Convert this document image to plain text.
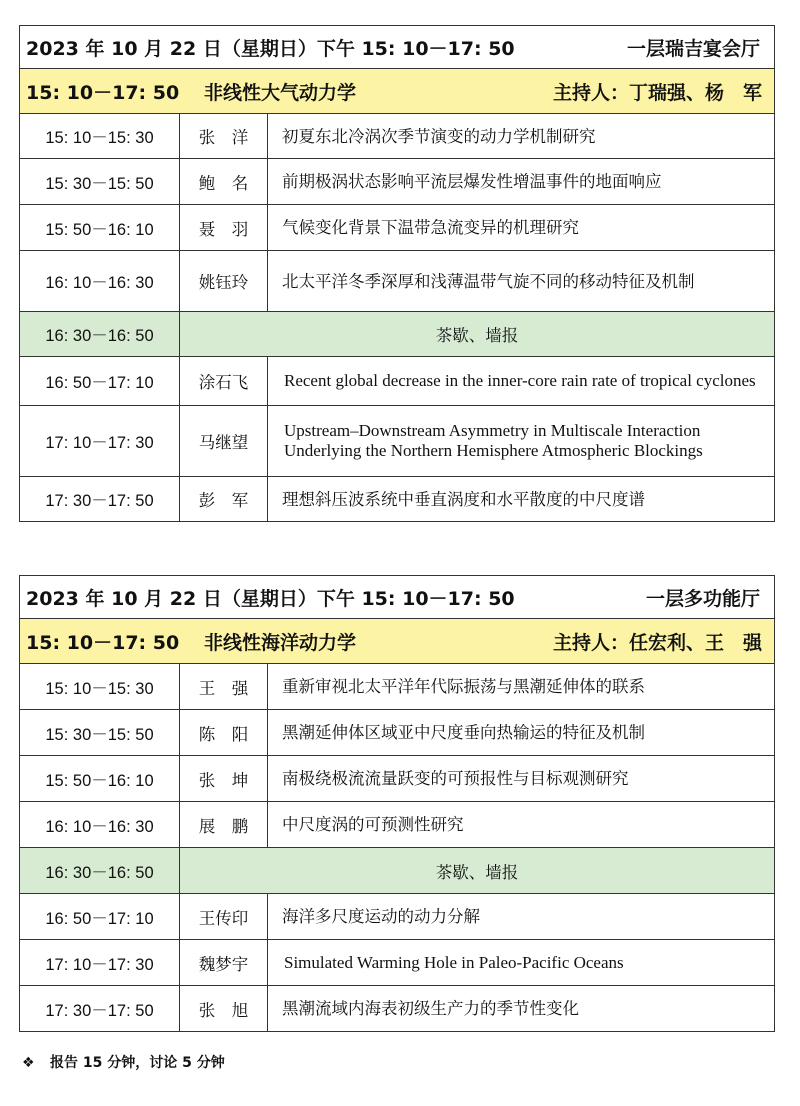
2023 年 10 月 22 日（星期日）下午 15: 10－17: 50 一层瑞吉宴会厅		

15: 10－17: 50 非线性大气动力学 主持人：丁瑞强、杨　军		

15: 10－15: 30	张　洋	初夏东北冷涡次季节演变的动力学机制研究
15: 30－15: 50	鲍　名	前期极涡状态影响平流层爆发性增温事件的地面响应
15: 50－16: 10	聂　羽	气候变化背景下温带急流变异的机理研究
16: 10－16: 30	姚钰玲	北太平洋冬季深厚和浅薄温带气旋不同的移动特征及机制
16: 30－16: 50	茶歇、墙报	
16: 50－17: 10	涂石飞	Recent global decrease in the inner-core rain rate of tropical cyclones
17: 10－17: 30	马继望	Upstream–Downstream Asymmetry in Multiscale Interaction Underlying the Northern Hemisphere Atmospheric Blockings
17: 30－17: 50	彭　军	理想斜压波系统中垂直涡度和水平散度的中尺度谱
2023 年 10 月 22 日（星期日）下午 15: 10－17: 50 一层多功能厅		

15: 10－17: 50 非线性海洋动力学 主持人：任宏利、王　强		

15: 10－15: 30	王　强	重新审视北太平洋年代际振荡与黑潮延伸体的联系
15: 30－15: 50	陈　阳	黑潮延伸体区域亚中尺度垂向热输运的特征及机制
15: 50－16: 10	张　坤	南极绕极流流量跃变的可预报性与目标观测研究
16: 10－16: 30	展　鹏	中尺度涡的可预测性研究
16: 30－16: 50	茶歇、墙报	
16: 50－17: 10	王传印	海洋多尺度运动的动力分解
17: 10－17: 30	魏梦宇	Simulated Warming Hole in Paleo-Pacific Oceans
17: 30－17: 50	张　旭	黑潮流域内海表初级生产力的季节性变化
❖ 报告 15 分钟，讨论 5 分钟
